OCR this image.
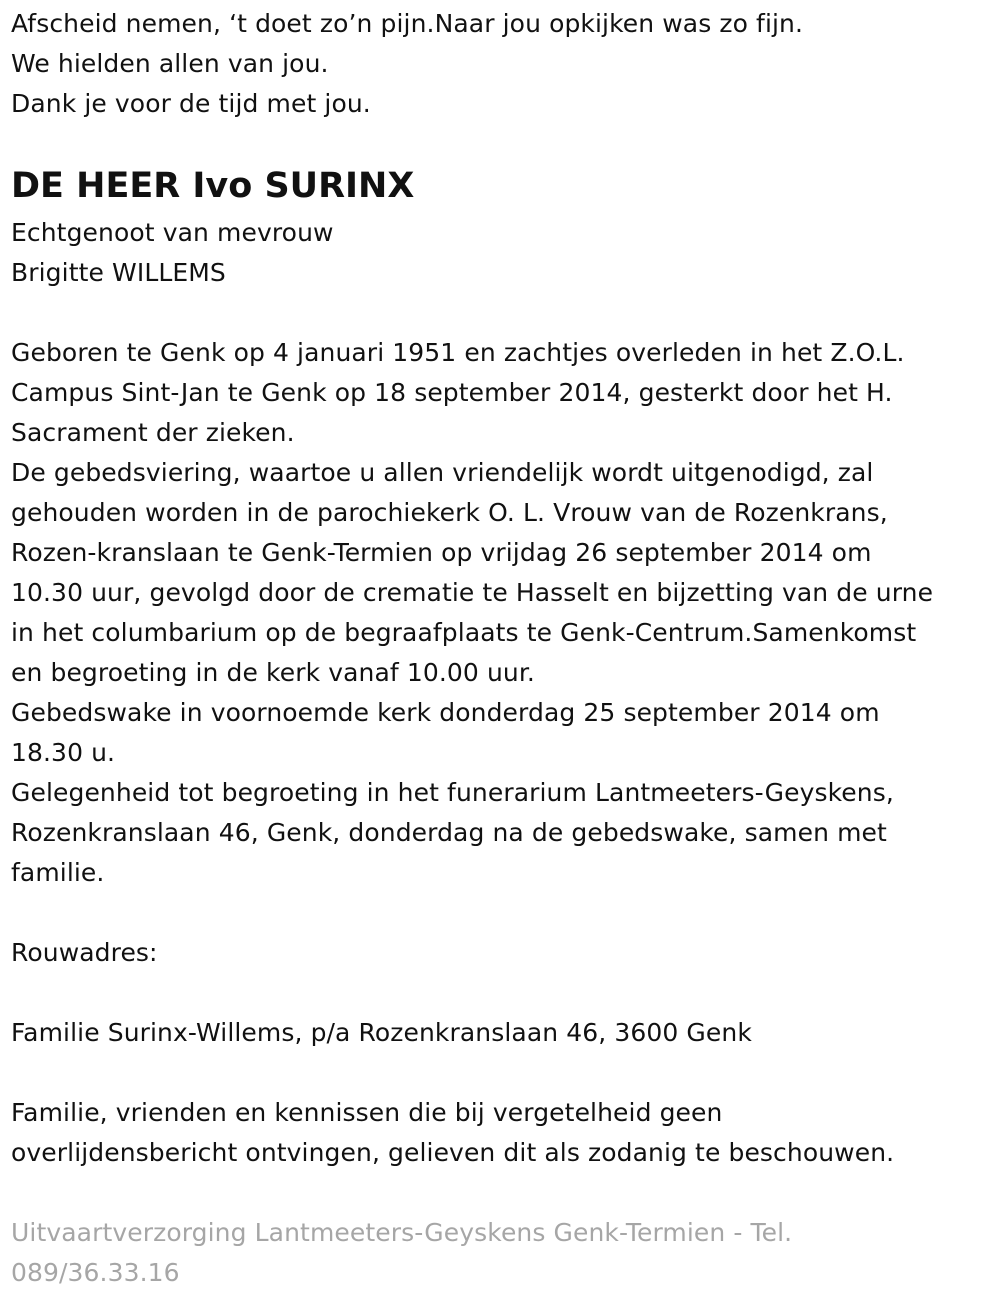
Afscheid nemen, ‘t doet zo’n pijn.Naar jou opkijken was zo fijn.
We hielden allen van jou.
Dank je voor de tijd met jou.
DE HEER Ivo SURINX
Echtgenoot van mevrouw
Brigitte WILLEMS
Geboren te Genk op 4 januari 1951 en zachtjes overleden in het Z.O.L.
Campus Sint-Jan te Genk op 18 september 2014, gesterkt door het H.
Sacrament der zieken.
De gebedsviering, waartoe u allen vriendelijk wordt uitgenodigd, zal
gehouden worden in de parochiekerk O. L. Vrouw van de Rozenkrans,
Rozen-kranslaan te Genk-Termien op vrijdag 26 september 2014 om
10.30 uur, gevolgd door de crematie te Hasselt en bijzetting van de urne
in het columbarium op de begraafplaats te Genk-Centrum.Samenkomst
en begroeting in de kerk vanaf 10.00 uur.
Gebedswake in voornoemde kerk donderdag 25 september 2014 om
18.30 u.
Gelegenheid tot begroeting in het funerarium Lantmeeters-Geyskens,
Rozenkranslaan 46, Genk, donderdag na de gebedswake, samen met
familie.
Rouwadres:
Familie Surinx-Willems, p/a Rozenkranslaan 46, 3600 Genk
Familie, vrienden en kennissen die bij vergetelheid geen
overlijdensbericht ontvingen, gelieven dit als zodanig te beschouwen.
Uitvaartverzorging Lantmeeters-Geyskens Genk-Termien - Tel.
089/36.33.16
